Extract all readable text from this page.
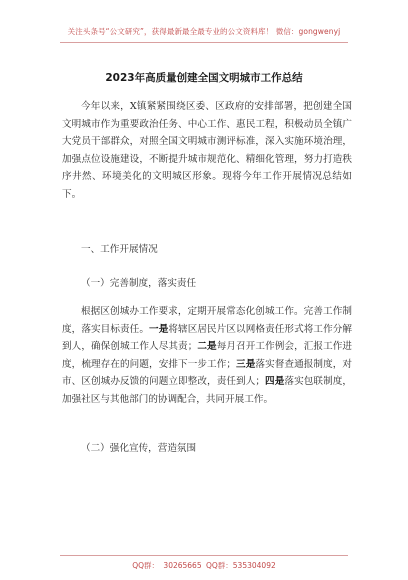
关注头条号“公文研究”，获得最新最全最专业的公文资料库！ 微信：gongwenyj
2023年高质量创建全国文明城市工作总结

今年以来，X镇紧紧围绕区委、区政府的安排部署，把创建全国文明城市作为重要政治任务、中心工作、惠民工程，积极动员全镇广大党员干部群众，对照全国文明城市测评标准，深入实施环境治理，加强点位设施建设，不断提升城市规范化、精细化管理，努力打造秩序井然、环境美化的文明城区形象。现将今年工作开展情况总结如下。

一、工作开展情况

（一）完善制度，落实责任

根据区创城办工作要求，定期开展常态化创城工作。完善工作制度，落实目标责任。一是将辖区居民片区以网格责任形式将工作分解到人，确保创城工作人尽其责；二是每月召开工作例会，汇报工作进度，梳理存在的问题，安排下一步工作；三是落实督查通报制度，对市、区创城办反馈的问题立即整改，责任到人；四是落实包联制度，加强社区与其他部门的协调配合，共同开展工作。

（二）强化宣传，营造氛围

QQ群： 30265665 QQ群：535304092
